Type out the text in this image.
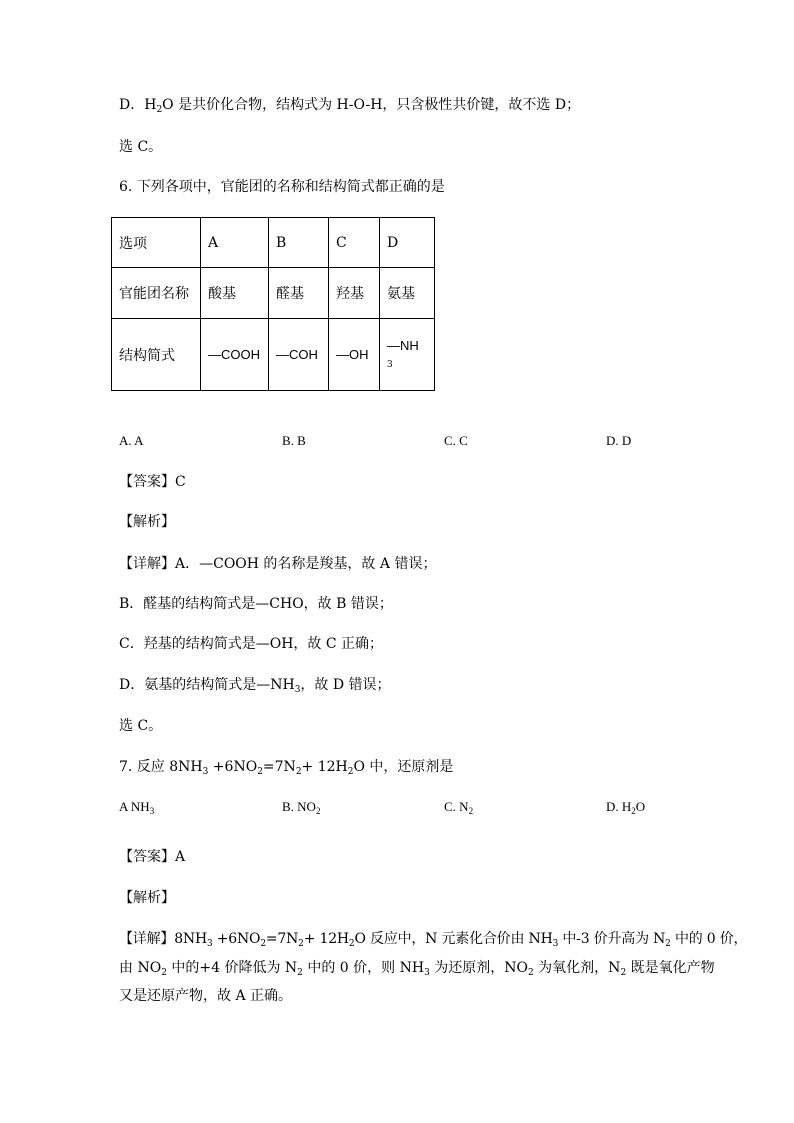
D．$H_2O$ 是共价化合物，结构式为 H-O-H，只含极性共价键，故不选 D；
选 C。
6. 下列各项中，官能团的名称和结构简式都正确的是
选项	A	B	C	D
官能团名称	酸基	醛基	羟基	氨基
结构简式	—COOH	—COH	—OH	—NH
3
A. A	B. B	C. C	D. D
【答案】C
【解析】
【详解】A．—COOH 的名称是羧基，故 A 错误；
B．醛基的结构简式是—CHO，故 B 错误；
C．羟基的结构简式是—OH，故 C 正确；
D．氨基的结构简式是$—NH_3$，故 D 错误；
选 C。
7. 反应 $8NH_3 +6NO_2=7N_2+ 12H_2O$ 中，还原剂是
A $NH_3$	B. $NO_2$	C. $N_2$	D. $H_2O$
【答案】A
【解析】
【详解】$8NH_3 +6NO_2=7N_2+ 12H_2O$ 反应中，N 元素化合价由 $NH_3$ 中-3 价升高为 $N_2$ 中的 0 价，
由 $NO_2$ 中的+4 价降低为 $N_2$ 中的 0 价，则 $NH_3$ 为还原剂，$NO_2$ 为氧化剂，$N_2$ 既是氧化产物
又是还原产物，故 A 正确。
